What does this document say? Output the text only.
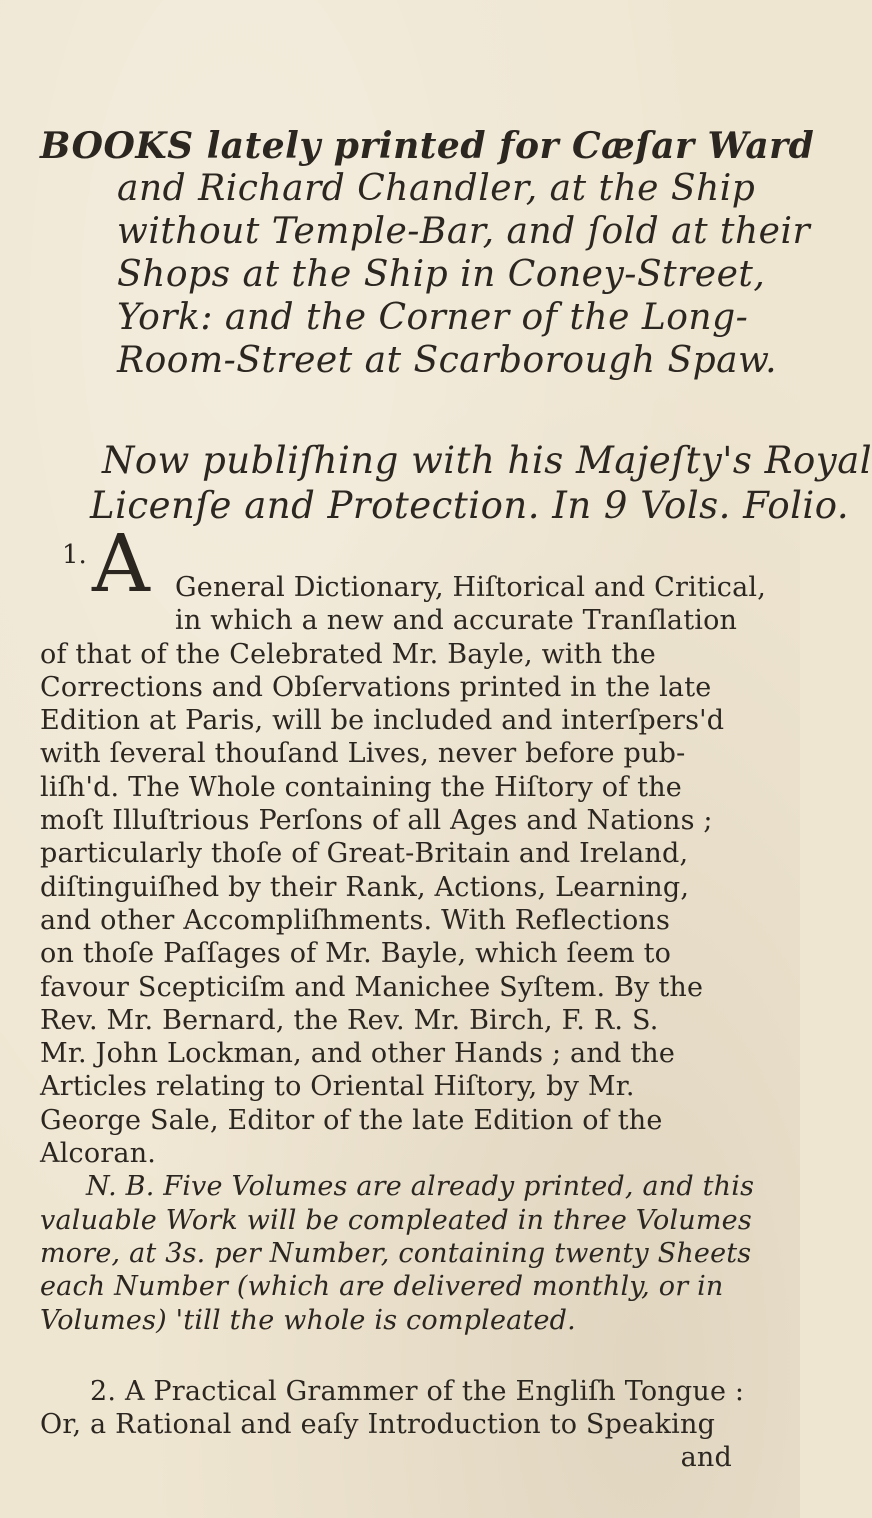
BOOKS lately printed for Cæſar Ward
and Richard Chandler, at the Ship
without Temple-Bar, and ſold at their
Shops at the Ship in Coney-Street,
York: and the Corner of the Long-
Room-Street at Scarborough Spaw.
Now publiſhing with his Majeſty's Royal
Licenſe and Protection. In 9 Vols. Folio.
1. A General Dictionary, Hiſtorical and Critical,
in which a new and accurate Tranſlation
of that of the Celebrated Mr. Bayle, with the
Corrections and Obſervations printed in the late
Edition at Paris, will be included and interſpers'd
with ſeveral thouſand Lives, never before pub-
liſh'd. The Whole containing the Hiſtory of the
moſt Illuſtrious Perſons of all Ages and Nations ;
particularly thoſe of Great-Britain and Ireland,
diſtinguiſhed by their Rank, Actions, Learning,
and other Accompliſhments. With Reflections
on thoſe Paſſages of Mr. Bayle, which ſeem to
favour Scepticiſm and Manichee Syſtem. By the
Rev. Mr. Bernard, the Rev. Mr. Birch, F. R. S.
Mr. John Lockman, and other Hands ; and the
Articles relating to Oriental Hiſtory, by Mr.
George Sale, Editor of the late Edition of the
Alcoran.
N. B. Five Volumes are already printed, and this
valuable Work will be compleated in three Volumes
more, at 3s. per Number, containing twenty Sheets
each Number (which are delivered monthly, or in
Volumes) 'till the whole is compleated.
2. A Practical Grammer of the Engliſh Tongue :
Or, a Rational and eaſy Introduction to Speaking
and
